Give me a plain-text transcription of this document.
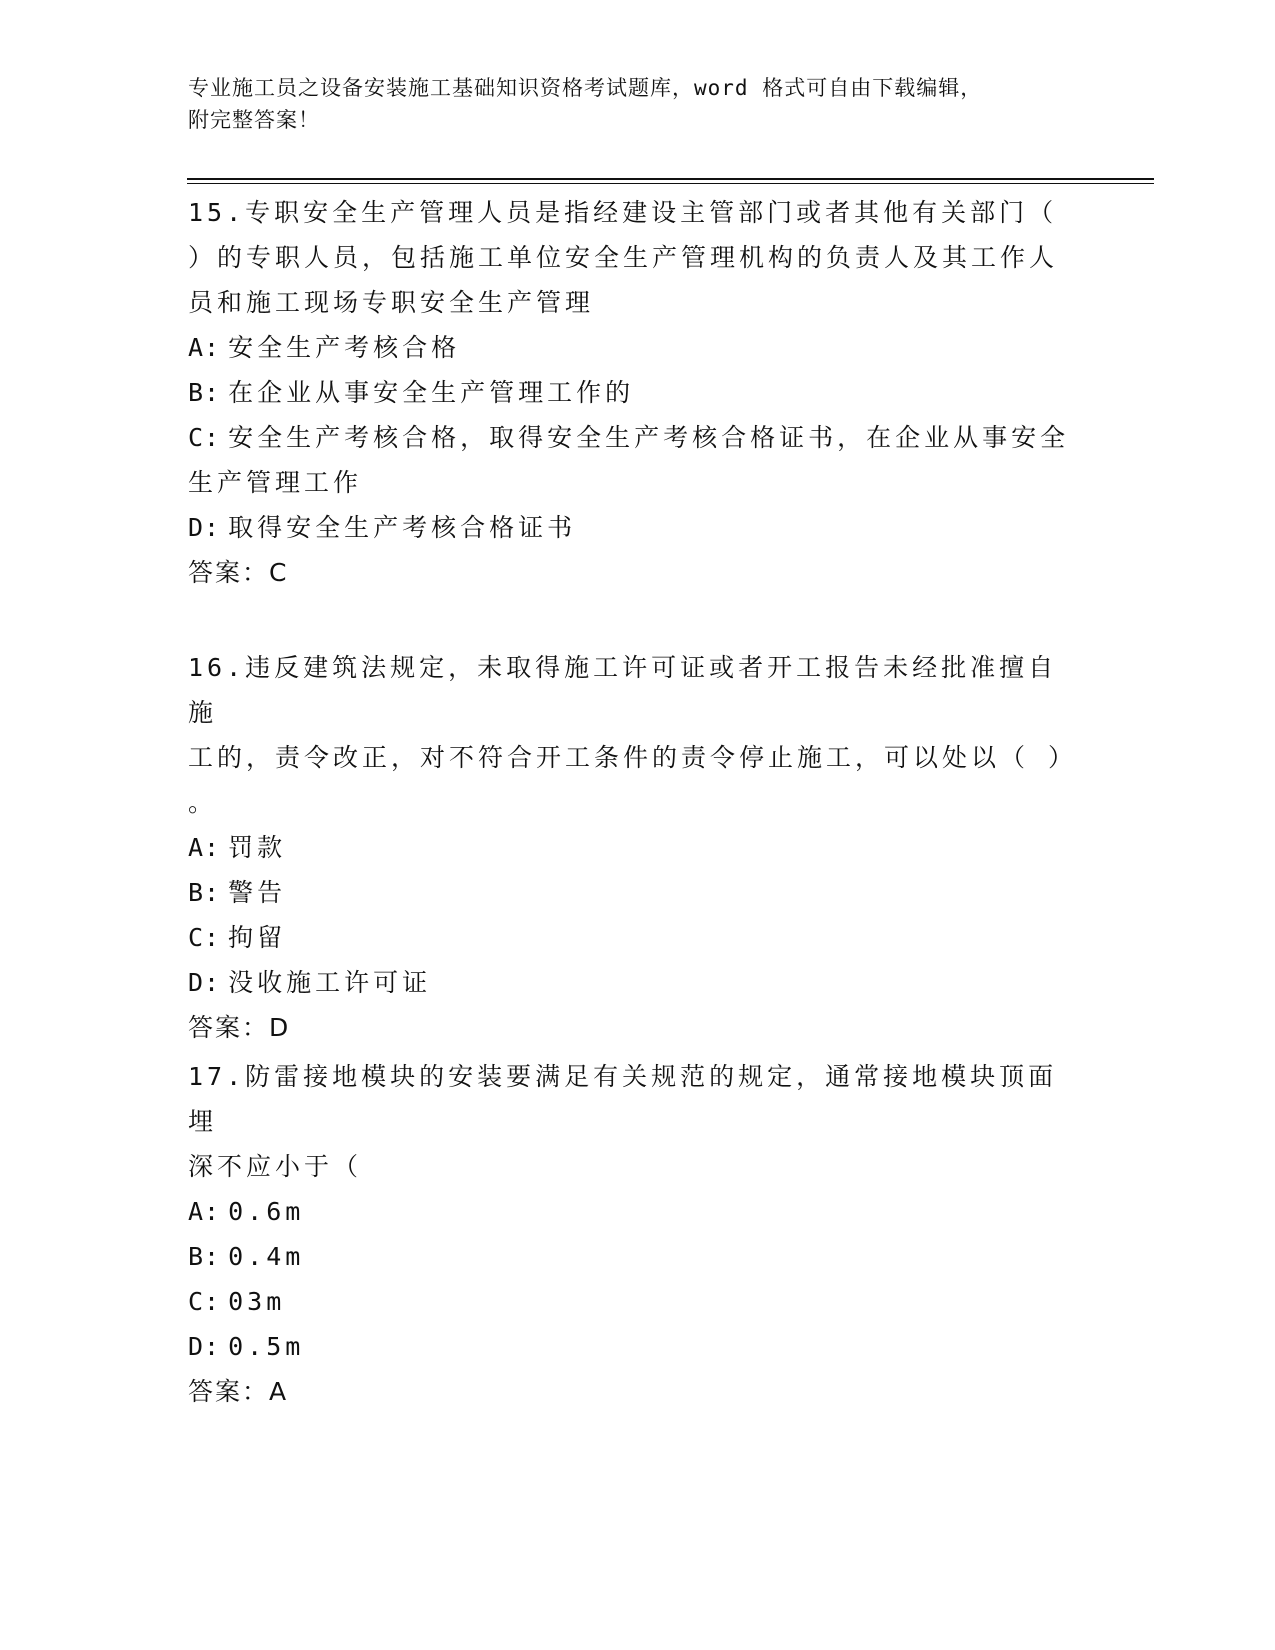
专业施工员之设备安装施工基础知识资格考试题库，word 格式可自由下载编辑，
附完整答案！

15.专职安全生产管理人员是指经建设主管部门或者其他有关部门（

）的专职人员，包括施工单位安全生产管理机构的负责人及其工作人

员和施工现场专职安全生产管理

A: 安全生产考核合格

B: 在企业从事安全生产管理工作的

C: 安全生产考核合格，取得安全生产考核合格证书，在企业从事安全

生产管理工作

D: 取得安全生产考核合格证书

答案：C

16.违反建筑法规定，未取得施工许可证或者开工报告未经批准擅自施

工的，责令改正，对不符合开工条件的责令停止施工，可以处以（ ）

。

A: 罚款

B: 警告

C: 拘留

D: 没收施工许可证

答案：D

17.防雷接地模块的安装要满足有关规范的规定，通常接地模块顶面埋

深不应小于（

A: 0.6m

B: 0.4m

C: 03m

D: 0.5m

答案：A
